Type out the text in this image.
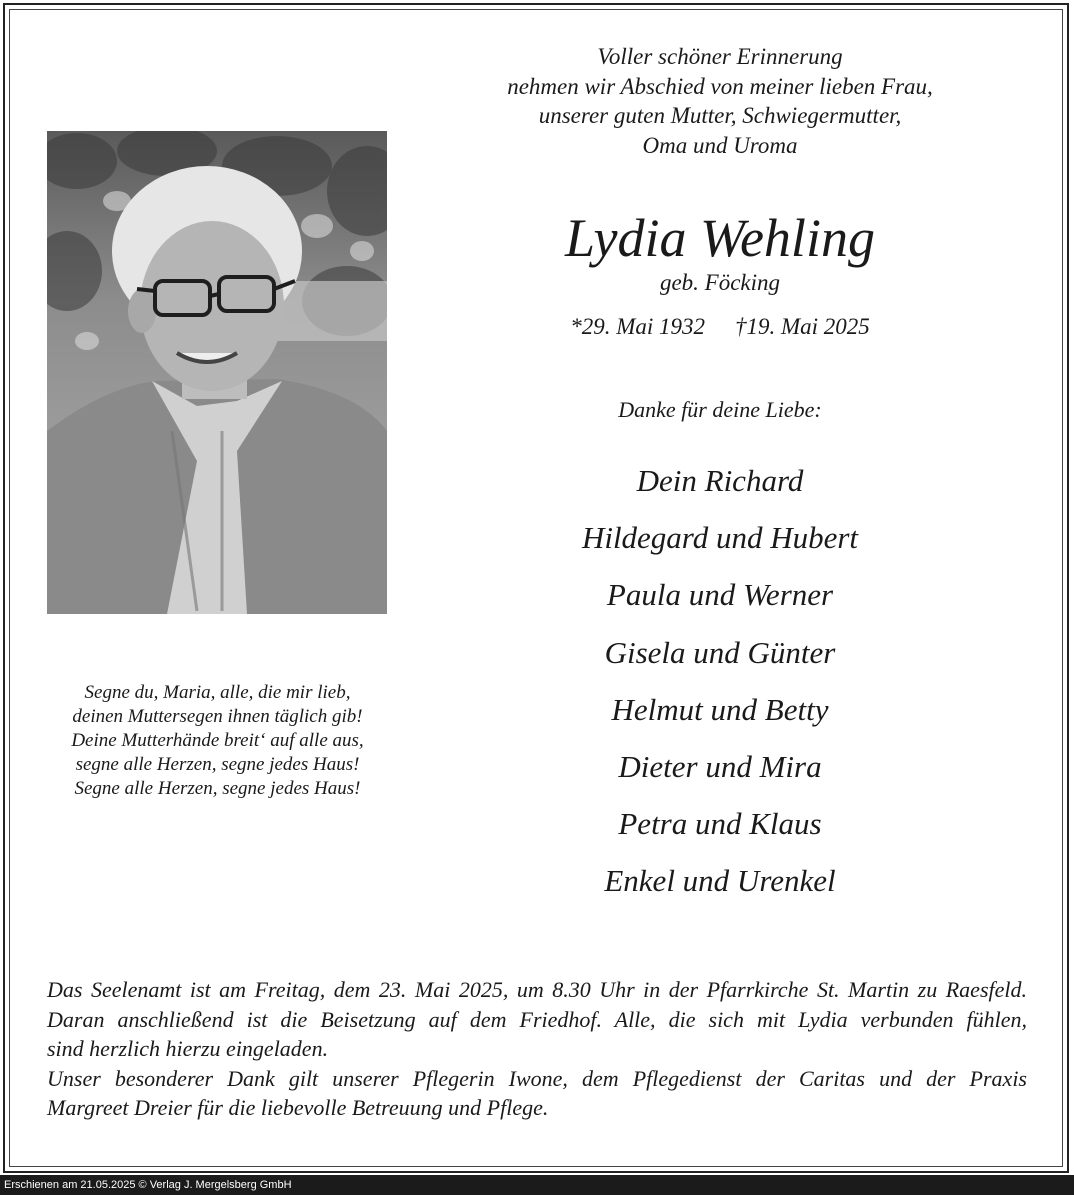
Voller schöner Erinnerung
nehmen wir Abschied von meiner lieben Frau,
unserer guten Mutter, Schwiegermutter,
Oma und Uroma
Lydia Wehling
geb. Föcking
*29. Mai 1932 †19. Mai 2025
Danke für deine Liebe:
Dein Richard
Hildegard und Hubert
Paula und Werner
Gisela und Günter
Helmut und Betty
Dieter und Mira
Petra und Klaus
Enkel und Urenkel
Segne du, Maria, alle, die mir lieb,
deinen Muttersegen ihnen täglich gib!
Deine Mutterhände breit‘ auf alle aus,
segne alle Herzen, segne jedes Haus!
Segne alle Herzen, segne jedes Haus!
Das Seelenamt ist am Freitag, dem 23. Mai 2025, um 8.30 Uhr in der Pfarrkirche St. Martin zu Raesfeld.
Daran anschließend ist die Beisetzung auf dem Friedhof. Alle, die sich mit Lydia verbunden fühlen,
sind herzlich hierzu eingeladen.
Unser besonderer Dank gilt unserer Pflegerin Iwone, dem Pflegedienst der Caritas und der Praxis
Margreet Dreier für die liebevolle Betreuung und Pflege.
Erschienen am 21.05.2025 © Verlag J. Mergelsberg GmbH
